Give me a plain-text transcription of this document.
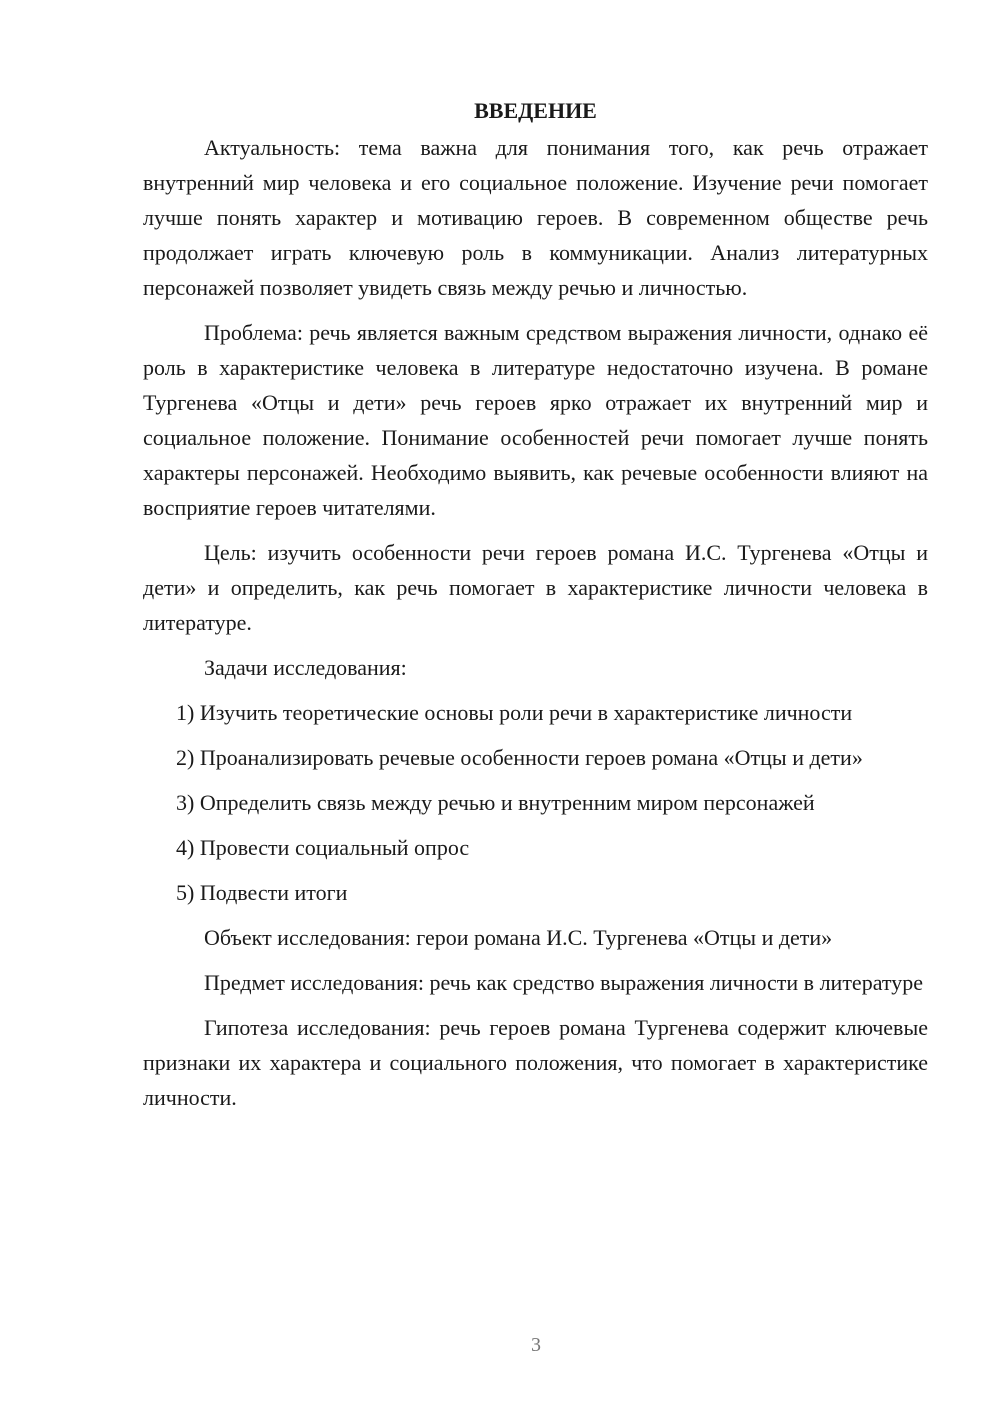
ВВЕДЕНИЕ

Актуальность: тема важна для понимания того, как речь отражает внутренний мир человека и его социальное положение. Изучение речи помогает лучше понять характер и мотивацию героев. В современном обществе речь продолжает играть ключевую роль в коммуникации. Анализ литературных персонажей позволяет увидеть связь между речью и личностью.

Проблема: речь является важным средством выражения личности, однако её роль в характеристике человека в литературе недостаточно изучена. В романе Тургенева «Отцы и дети» речь героев ярко отражает их внутренний мир и социальное положение. Понимание особенностей речи помогает лучше понять характеры персонажей. Необходимо выявить, как речевые особенности влияют на восприятие героев читателями.

Цель: изучить особенности речи героев романа И.С. Тургенева «Отцы и дети» и определить, как речь помогает в характеристике личности человека в литературе.

Задачи исследования:

1) Изучить теоретические основы роли речи в характеристике личности

2) Проанализировать речевые особенности героев романа «Отцы и дети»

3) Определить связь между речью и внутренним миром персонажей

4) Провести социальный опрос

5) Подвести итоги

Объект исследования: герои романа И.С. Тургенева «Отцы и дети»

Предмет исследования: речь как средство выражения личности в литературе

Гипотеза исследования: речь героев романа Тургенева содержит ключевые признаки их характера и социального положения, что помогает в характеристике личности.

3
